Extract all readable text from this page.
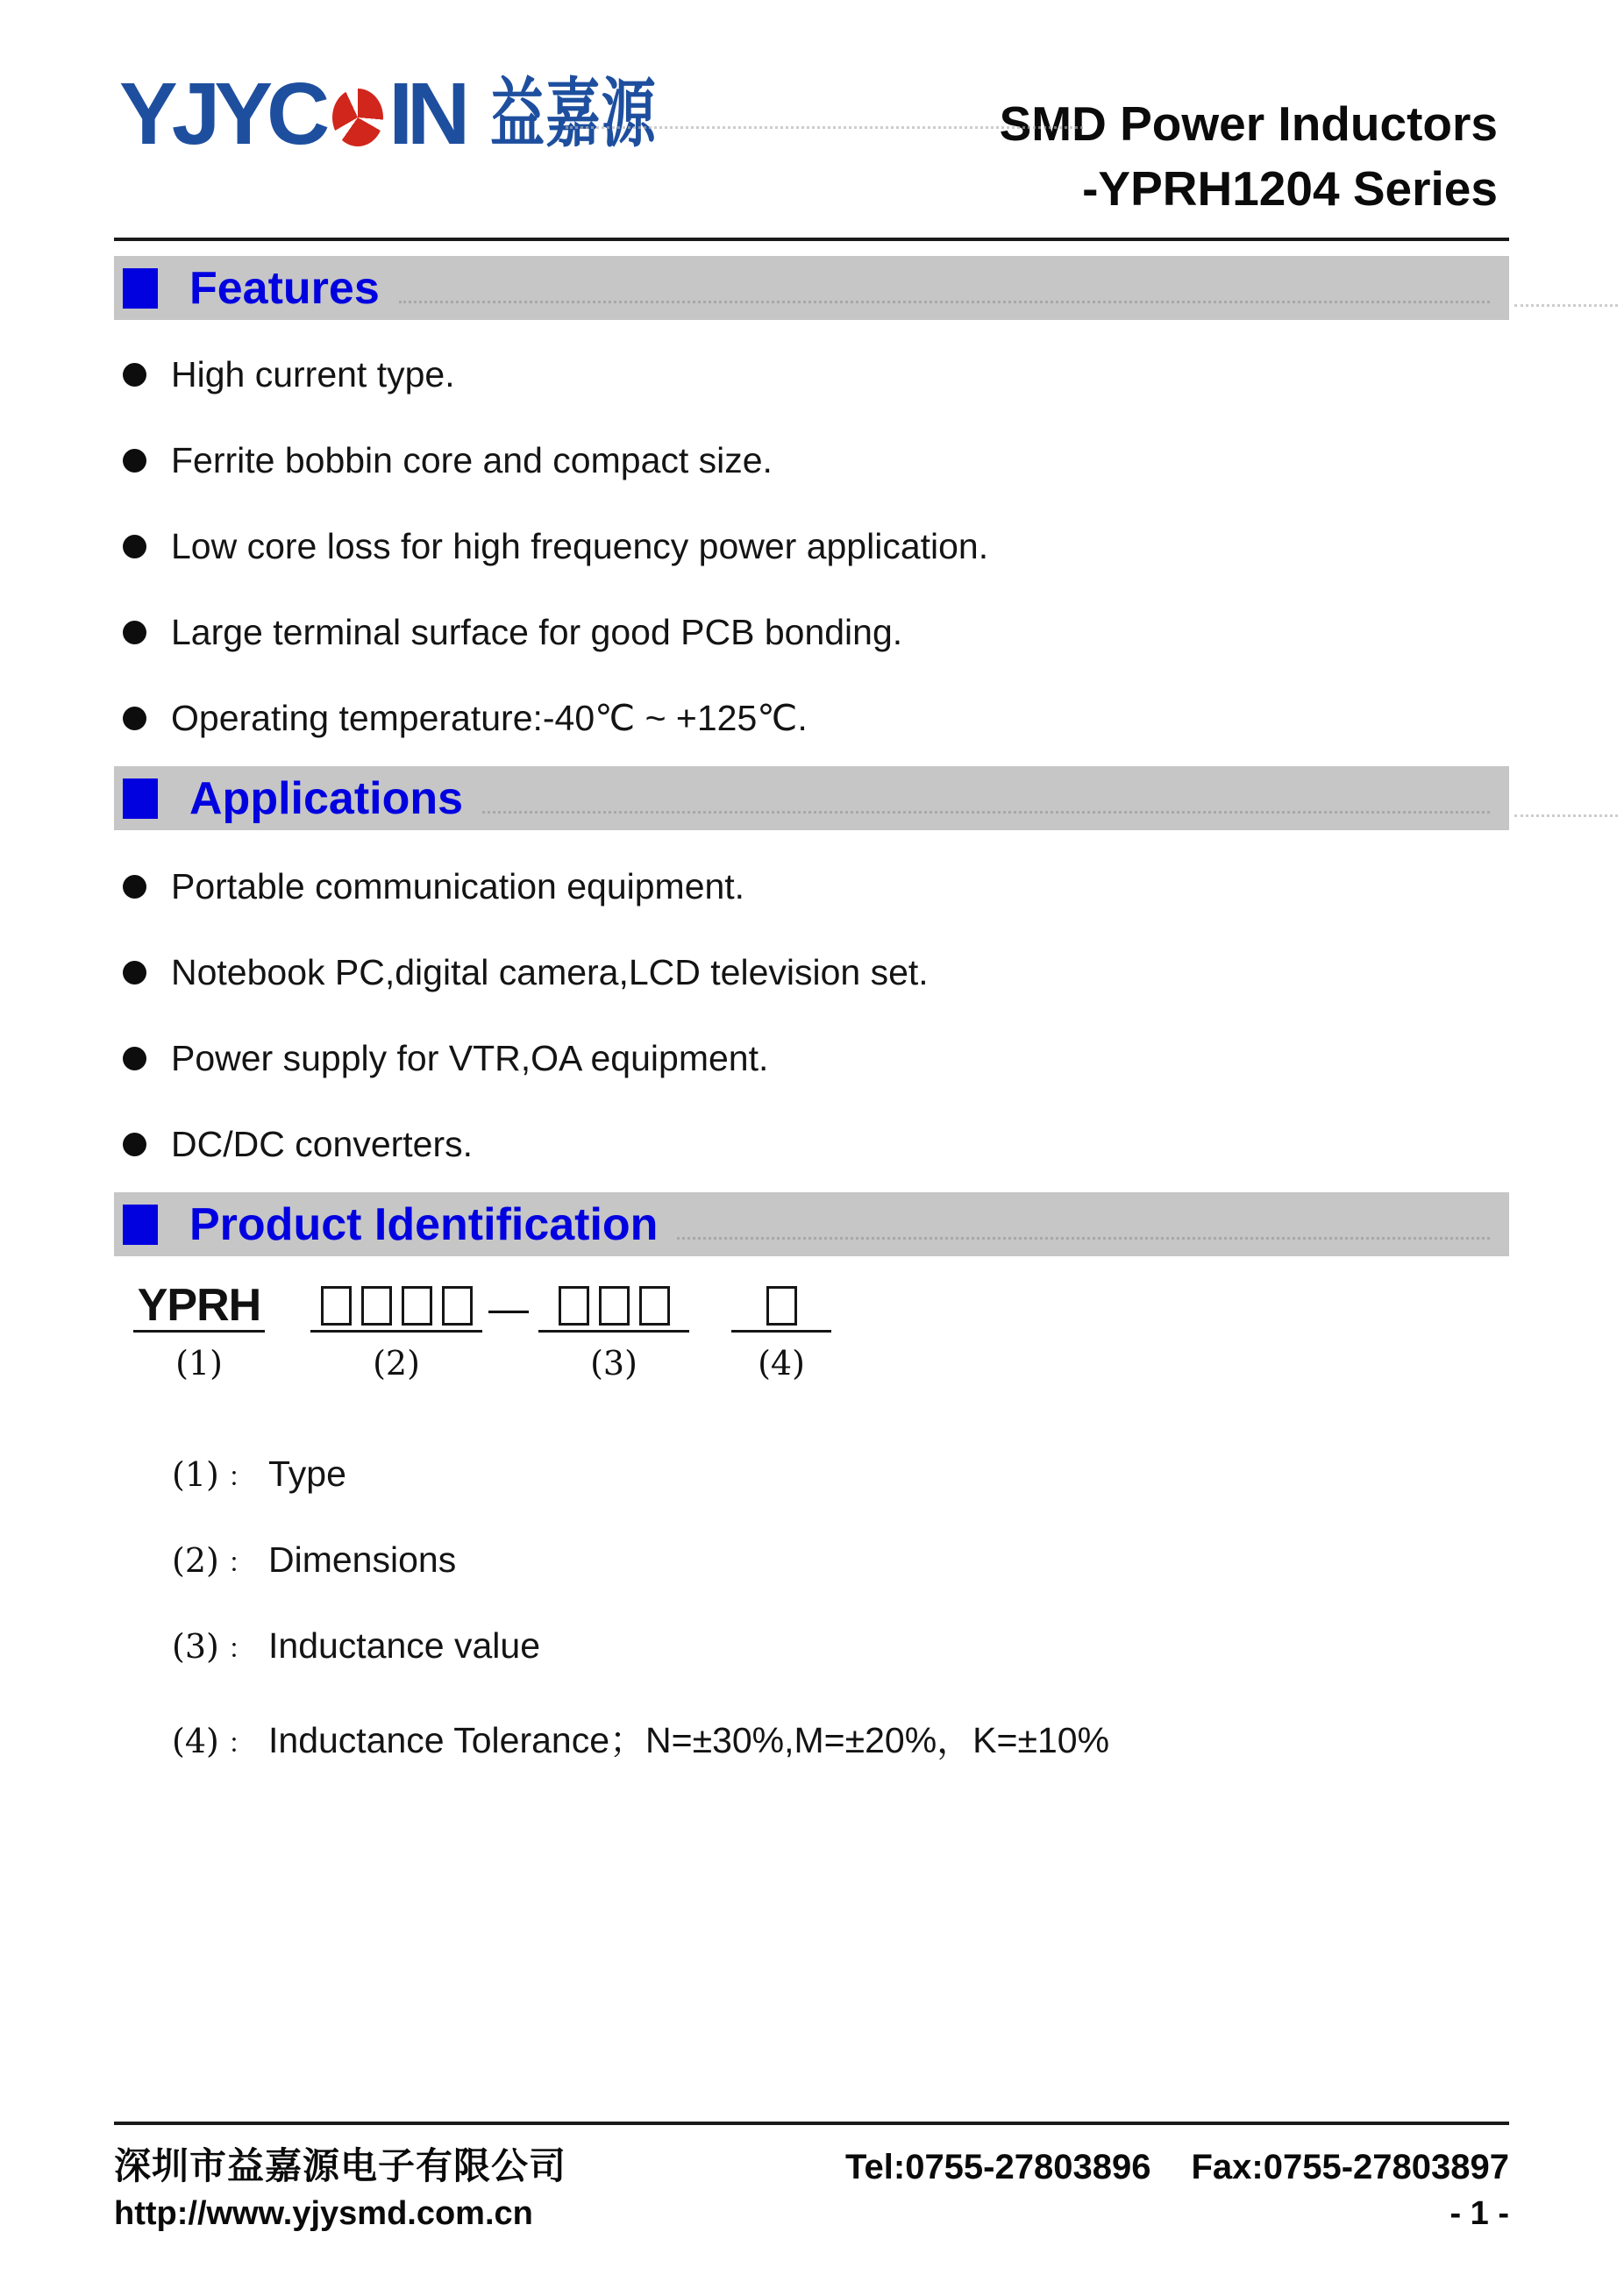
YJYC IN 益嘉源	SMD Power Inductors
-YPRH1204 Series
Features
High current type.
Ferrite bobbin core and compact size.
Low core loss for high frequency power application.
Large terminal surface for good PCB bonding.
Operating temperature:-40℃ ~ +125℃.
Applications
Portable communication equipment.
Notebook PC,digital camera,LCD television set.
Power supply for VTR,OA equipment.
DC/DC converters.
Product Identification
YPRH
(1)	(2)
—
(3)	(4)
(1) ： Type
(2) ： Dimensions
(3) ： Inductance value
(4) ： Inductance Tolerance；N=±30%,M=±20%，K=±10%
深圳市益嘉源电子有限公司	Tel:0755-27803896 Fax:0755-27803897
http://www.yjysmd.com.cn	- 1 -
